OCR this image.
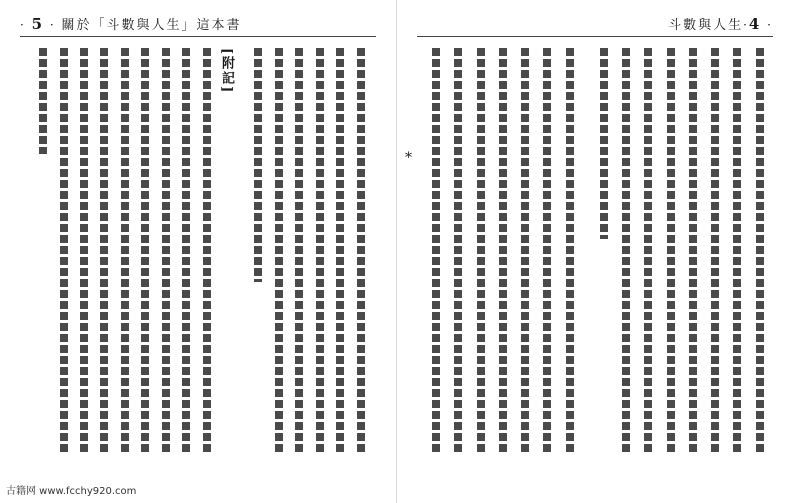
· 5 · 關於「斗數與人生」這本書
[附記]
斗數與人生·4 ·
*
古籍网 www.fcchy920.com
